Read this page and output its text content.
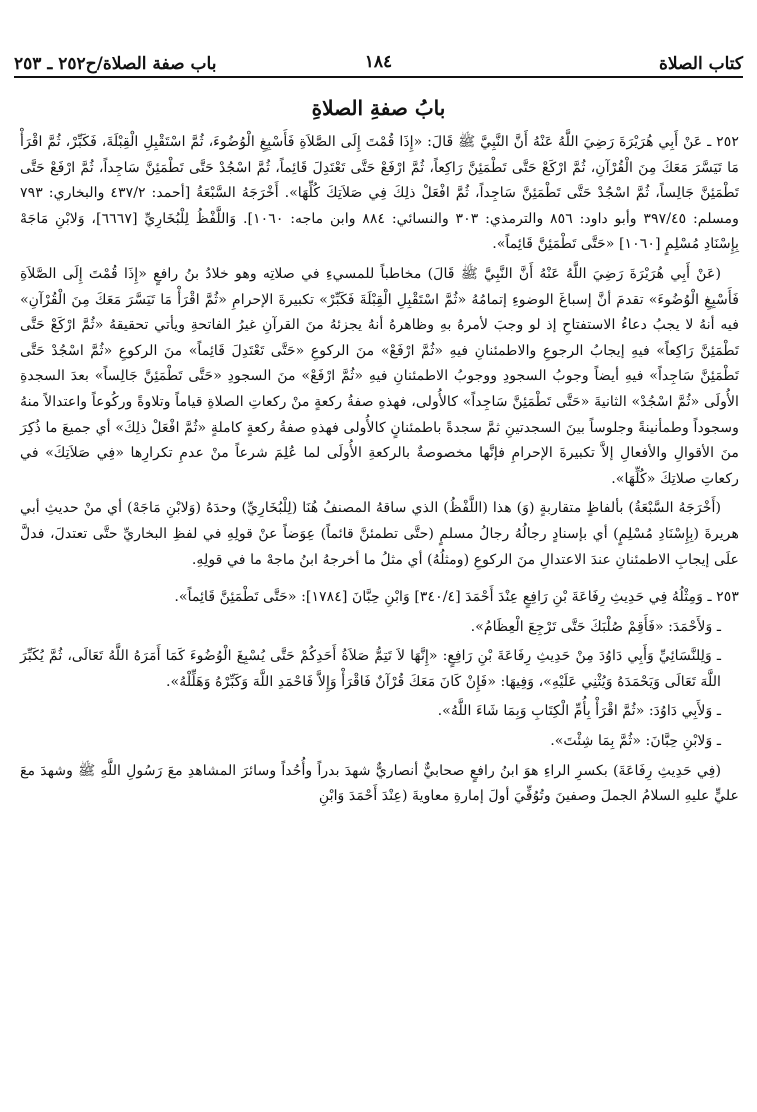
كتاب الصلاة
١٨٤
باب صفة الصلاة/ح٢٥٢ ـ ٢٥٣
بابُ صفةِ الصلاةِ

٢٥٢ ـ عَنْ أَبِي هُرَيْرَةَ رَضِيَ اللَّهُ عَنْهُ أَنَّ النَّبِيَّ ﷺ قَالَ: «إِذَا قُمْتَ إِلَى الصَّلاَةِ فَأَسْبِغِ الْوُضُوءَ، ثُمَّ اسْتَقْبِلِ الْقِبْلَةَ، فَكَبِّرْ، ثُمَّ اقْرَأْ مَا تَيَسَّرَ مَعَكَ مِنَ الْقُرْآنِ، ثُمَّ ارْكَعْ حَتَّى تَطْمَئِنَّ رَاكِعاً، ثُمَّ ارْفَعْ حَتَّى تَعْتَدِلَ قَائِماً، ثُمَّ اسْجُدْ حَتَّى تَطْمَئِنَّ سَاجِداً، ثُمَّ ارْفَعْ حَتَّى تَطْمَئِنَّ جَالِساً، ثُمَّ اسْجُدْ حَتَّى تَطْمَئِنَّ سَاجِداً، ثُمَّ افْعَلْ ذلِكَ فِي صَلاَتِكَ كُلِّهَا». أَخْرَجَهُ السَّبْعَةُ [أحمد: ٤٣٧/٢ والبخاري: ٧٩٣ ومسلم: ٣٩٧/٤٥ وأبو داود: ٨٥٦ والترمذي: ٣٠٣ والنسائي: ٨٨٤ وابن ماجه: ١٠٦٠]. وَاللَّفْظُ لِلْبُخَارِيِّ [٦٦٦٧]، وَلابْنِ مَاجَهْ بِإِسْنَادِ مُسْلِمٍ [١٠٦٠] «حَتَّى تَطْمَئِنَّ قَائِماً».

(عَنْ أَبِي هُرَيْرَةَ رَضِيَ اللَّهُ عَنْهُ أَنَّ النَّبِيَّ ﷺ قَالَ) مخاطباً للمسيءِ في صلاتِه وهو خلادُ بنُ رافعٍ «إِذَا قُمْتَ إِلَى الصَّلاَةِ فَأَسْبِغِ الْوُضُوءَ» تقدمَ أنَّ إسباغَ الوضوءِ إتمامُهُ «ثُمَّ اسْتَقْبِلِ الْقِبْلَةَ فَكَبِّرْ» تكبيرةَ الإحرامِ «ثُمَّ اقْرَأْ مَا تَيَسَّرَ مَعَكَ مِنَ الْقُرْآنِ» فيه أنهُ لا يجبُ دعاءُ الاستفتاحِ إذ لو وجبَ لأمرهُ بهِ وظاهرهُ أنهُ يجزئهُ منَ القرآنِ غيرُ الفاتحةِ ويأتي تحقيقهُ «ثُمَّ ارْكَعْ حَتَّى تَطْمَئِنَّ رَاكِعاً» فيهِ إيجابُ الرجوعِ والاطمئنانِ فيهِ «ثُمَّ ارْفَعْ» منَ الركوعِ «حَتَّى تَعْتَدِلَ قَائِماً» منَ الركوعِ «ثُمَّ اسْجُدْ حَتَّى تَطْمَئِنَّ سَاجِداً» فيهِ أيضاً وجوبُ السجودِ ووجوبُ الاطمئنانِ فيهِ «ثُمَّ ارْفَعْ» منَ السجودِ «حَتَّى تَطْمَئِنَّ جَالِساً» بعدَ السجدةِ الأُولَى «ثُمَّ اسْجُدْ» الثانيةَ «حَتَّى تَطْمَئِنَّ سَاجِداً» كالأُولى، فهذهِ صفةُ ركعةٍ منْ ركعاتِ الصلاةِ قياماً وتلاوةً وركُوعاً واعتدالاً منهُ وسجوداً وطمأنينةً وجلوساً بينَ السجدتينِ ثمَّ سجدةً باطمئنانٍ كالأُولى فهذهِ صفةُ ركعةٍ كاملةٍ «ثُمَّ افْعَلْ ذلِكَ» أي جميعَ ما ذُكِرَ منَ الأقوالِ والأفعالِ إلاَّ تكبيرةَ الإحرامِ فإنَّها مخصوصةٌ بالركعةِ الأُولَى لما عُلِمَ شرعاً منْ عدمِ تكرارِها «فِي صَلاَتِكَ» في ركعاتِ صلاتِكَ «كُلِّهَا».

(أَخْرَجَهُ السَّبْعَةُ) بألفاظٍ متقاربةٍ (وَ) هذا (اللَّفْظُ) الذي ساقهُ المصنفُ هُنَا (لِلْبُخَارِيِّ) وحدَهُ (وَلابْنِ مَاجَهْ) أي منْ حديثِ أبي هريرةَ (بِإِسْنَادِ مُسْلِمٍ) أي بإسنادٍ رجالُهُ رجالُ مسلمٍ (حتَّى تطمئنَّ قائماً) عِوَضاً عنْ قولِهِ في لفظِ البخاريِّ حتَّى تعتدلَ، فدلَّ علَى إيجابِ الاطمئنانِ عندَ الاعتدالِ منَ الركوعِ (ومثلُهُ) أي مثلُ ما أخرجهُ ابنُ ماجهْ ما في قولِهِ.

٢٥٣ ـ وَمِثْلُهُ فِي حَدِيثِ رِفَاعَةَ بْنِ رَافِعٍ عِنْدَ أَحْمَدَ [٣٤٠/٤] وَابْنِ حِبَّانَ [١٧٨٤]: «حَتَّى تَطْمَئِنَّ قَائِماً».

ـ وَلأَحْمَدَ: «فَأَقِمْ صُلْبَكَ حَتَّى تَرْجِعَ الْعِظَامُ».

ـ وَلِلنَّسَائِيِّ وَأَبِي دَاوُدَ مِنْ حَدِيثِ رِفَاعَةَ بْنِ رَافِعٍ: «إِنَّهَا لاَ تَتِمُّ صَلاَةُ أَحَدِكُمْ حَتَّى يُسْبِغَ الْوُضُوءَ كَمَا أَمَرَهُ اللَّهُ تَعَالَى، ثُمَّ يُكَبِّرَ اللَّهَ تَعَالَى وَيَحْمَدَهُ وَيُثْنِي عَلَيْهِ»، وَفِيهَا: «فَإِنْ كَانَ مَعَكَ قُرْآنٌ فَاقْرَأْ وَإِلاَّ فَاحْمَدِ اللَّهَ وَكَبِّرْهُ وَهَلِّلْهُ».

ـ وَلأَبِي دَاوُدَ: «ثُمَّ اقْرَأْ بِأُمِّ الْكِتَابِ وَبِمَا شَاءَ اللَّهُ».

ـ وَلابْنِ حِبَّانَ: «ثُمَّ بِمَا شِئْتَ».

(فِي حَدِيثِ رِفَاعَةَ) بكسرِ الراءِ هوَ ابنُ رافعٍ صحابيٌّ أنصاريٌّ شهدَ بدراً وأُحُداً وسائرَ المشاهدِ معَ رَسُولِ اللَّهِ ﷺ وشهدَ معَ عليٍّ عليهِ السلامُ الجملَ وصفينَ وتُوُفِّيَ أولَ إمارةِ معاويةَ (عِنْدَ أَحْمَدَ وَابْنِ
